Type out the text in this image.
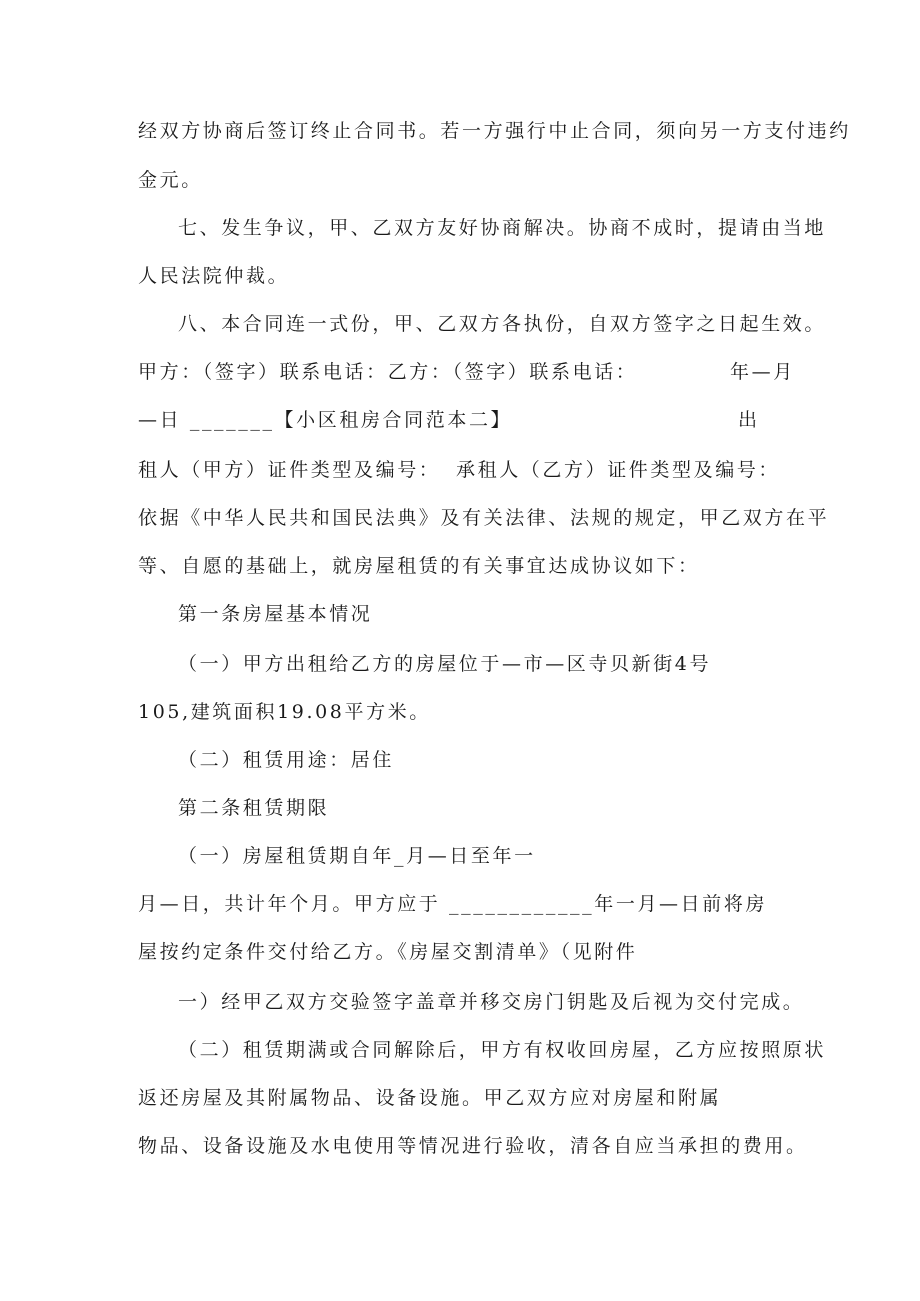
经双方协商后签订终止合同书。若一方强行中止合同，须向另一方支付违约
金元。
七、发生争议，甲、乙双方友好协商解决。协商不成时，提请由当地
人民法院仲裁。
八、本合同连一式份，甲、乙双方各执份，自双方签字之日起生效。
甲方：（签字）联系电话：乙方：（签字）联系电话：	年—月
—日 _______【小区租房合同范本二】	出
租人（甲方）证件类型及编号： 承租人（乙方）证件类型及编号：
依据《中华人民共和国民法典》及有关法律、法规的规定，甲乙双方在平
等、自愿的基础上，就房屋租赁的有关事宜达成协议如下：
第一条房屋基本情况
（一）甲方出租给乙方的房屋位于—市—区寺贝新街4号
105,建筑面积19.08平方米。
（二）租赁用途：居住
第二条租赁期限
（一）房屋租赁期自年_月—日至年一
月—日，共计年个月。甲方应于 ____________年一月—日前将房
屋按约定条件交付给乙方。《房屋交割清单》（见附件
一）经甲乙双方交验签字盖章并移交房门钥匙及后视为交付完成。
（二）租赁期满或合同解除后，甲方有权收回房屋，乙方应按照原状
返还房屋及其附属物品、设备设施。甲乙双方应对房屋和附属
物品、设备设施及水电使用等情况进行验收，清各自应当承担的费用。
